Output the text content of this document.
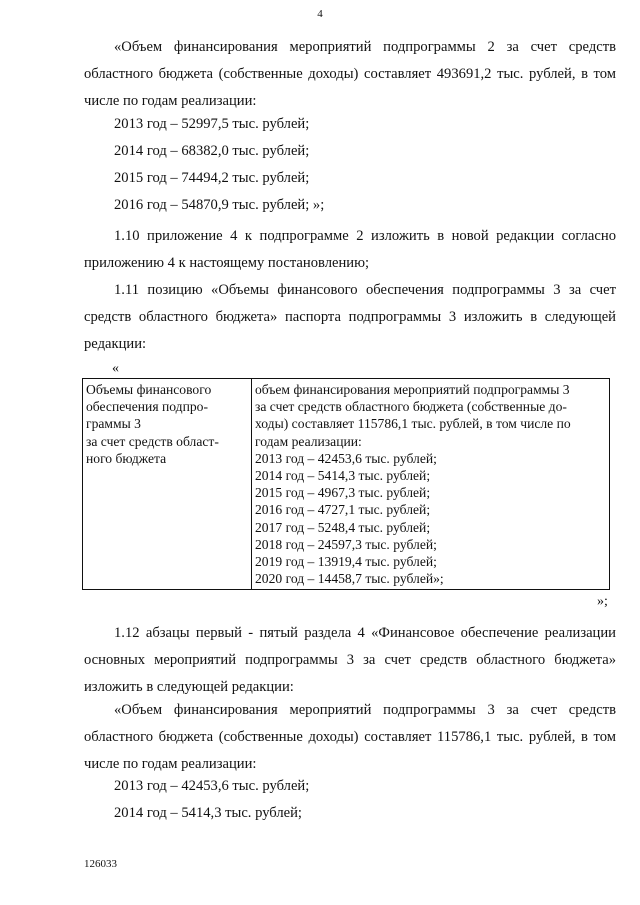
4

«Объем финансирования мероприятий подпрограммы 2 за счет средств областного бюджета (собственные доходы) составляет 493691,2 тыс. рублей, в том числе по годам реализации:

2013 год – 52997,5 тыс. рублей;

2014 год – 68382,0 тыс. рублей;

2015 год – 74494,2 тыс. рублей;

2016 год – 54870,9 тыс. рублей; »;

1.10 приложение 4 к подпрограмме 2 изложить в новой редакции согласно приложению 4 к настоящему постановлению;

1.11 позицию «Объемы финансового обеспечения подпрограммы 3 за счет средств областного бюджета» паспорта подпрограммы 3 изложить в следующей редакции:

«
Объемы финансового
обеспечения подпро-
граммы 3
за счет средств област-
ного бюджета

объем финансирования мероприятий подпрограммы 3
за счет средств областного бюджета (собственные до-
ходы) составляет 115786,1 тыс. рублей, в том числе по
годам реализации:
2013 год – 42453,6 тыс. рублей;
2014 год – 5414,3 тыс. рублей;
2015 год – 4967,3 тыс. рублей;
2016 год – 4727,1 тыс. рублей;
2017 год – 5248,4 тыс. рублей;
2018 год – 24597,3 тыс. рублей;
2019 год – 13919,4 тыс. рублей;
2020 год – 14458,7 тыс. рублей»;
»;

1.12 абзацы первый - пятый раздела 4 «Финансовое обеспечение реализации основных мероприятий подпрограммы 3 за счет средств областного бюджета» изложить в следующей редакции:

«Объем финансирования мероприятий подпрограммы 3 за счет средств областного бюджета (собственные доходы) составляет 115786,1 тыс. рублей, в том числе по годам реализации:

2013 год – 42453,6 тыс. рублей;

2014 год – 5414,3 тыс. рублей;

126033
